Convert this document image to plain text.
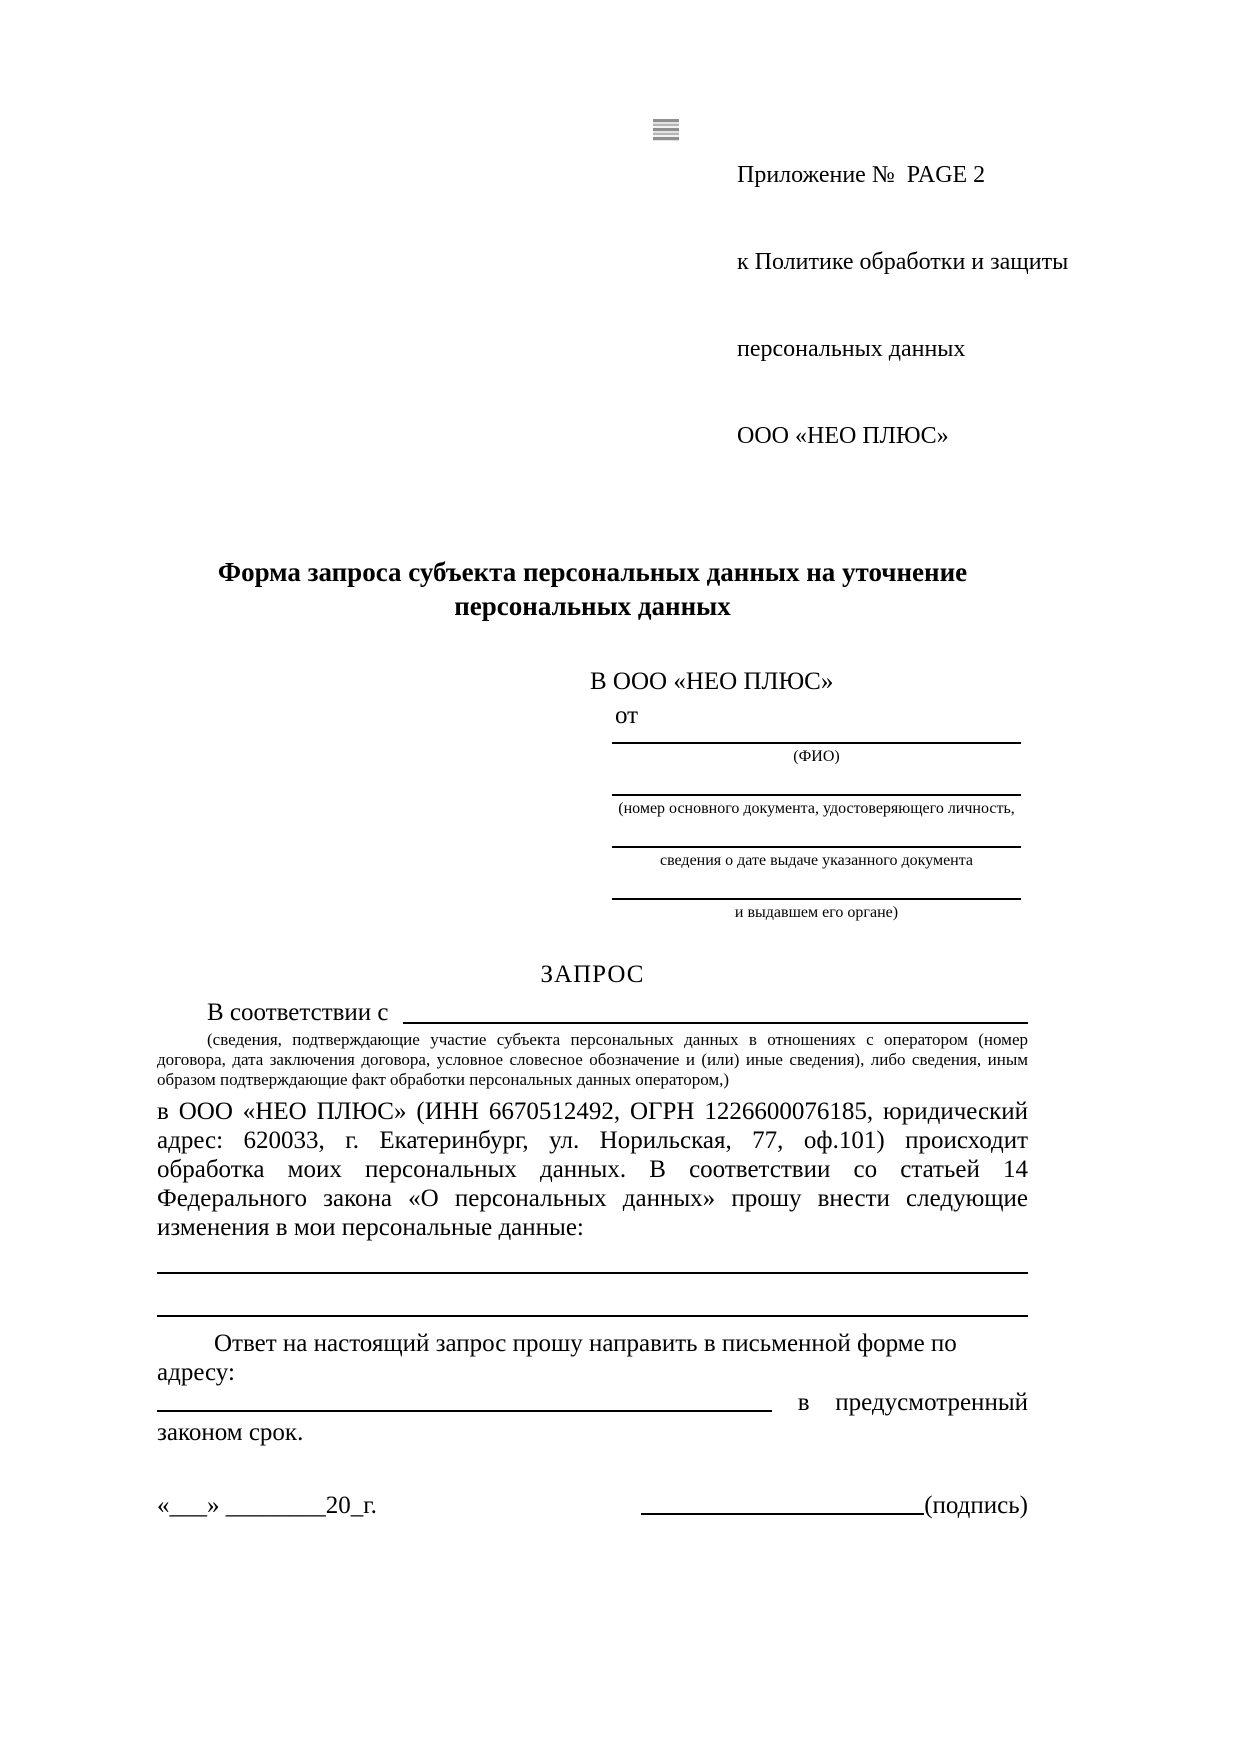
Приложение №  PAGE 2

к Политике обработки и защиты

персональных данных

ООО «НЕО ПЛЮС»

Форма запроса субъекта персональных данных на уточнение
персональных данных
В ООО «НЕО ПЛЮС»
от
(ФИО)
(номер основного документа, удостоверяющего личность,
сведения о дате выдаче указанного документа
и выдавшем его органе)
ЗАПРОС
В соответствии с

(сведения, подтверждающие участие субъекта персональных данных в отношениях с оператором (номер договора, дата заключения договора, условное словесное обозначение и (или) иные сведения), либо сведения, иным образом подтверждающие факт обработки персональных данных оператором,)

в ООО «НЕО ПЛЮС» (ИНН 6670512492, ОГРН 1226600076185, юридический адрес: 620033, г. Екатеринбург, ул. Норильская, 77, оф.101) происходит обработка моих персональных данных. В соответствии со статьей 14 Федерального закона «О персональных данных» прошу внести следующие изменения в мои персональные данные:

Ответ на настоящий запрос прошу направить в письменной форме по адресу:

в предусмотренный

законом срок.

«___» ________20_г.	(подпись)
